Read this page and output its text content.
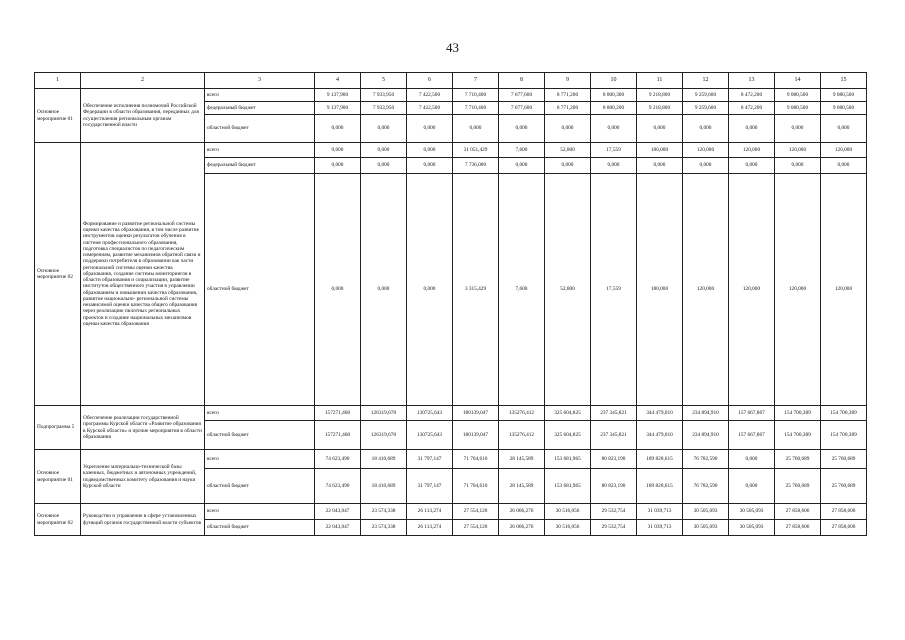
43
1	2	3	4	5	6	7	8	9	10	11	12	13	14	15
Основное мероприятие 01	Обеспечение исполнения полномочий Российской Федерации в области образования, переданных для осуществления региональным органам государственной власти	всего	9 137,900	7 933,950	7 422,500	7 710,400	7 677,600	8 771,200	8 800,300	9 218,800	9 259,600	8 472,200	9 080,500	9 080,500
		федеральный бюджет	9 137,900	7 933,950	7 422,500	7 710,400	7 677,600	8 771,200	8 800,200	9 218,800	9 259,600	8 472,200	9 080,500	9 080,500
		областной бюджет	0,000	0,000	0,000	0,000	0,000	0,000	0,000	0,000	0,000	0,000	0,000	0,000
Основное мероприятие 02	Формирование и развитие региональной системы оценки качества образования, в том числе развитие инструментов оценки результатов обучения в системе профессионального образования, подготовка специалистов по педагогическим измерениям, развитие механизмов обратной связи и поддержки потребителя в образовании как части региональной системы оценки качества образования, создание системы мониторингов в области образования и социализации, развитие институтов общественного участия в управлении образованием и повышении качества образования, развитие национально- региональной системы независимой оценки качества общего образования через реализацию пилотных региональных проектов и создание национальных механизмов оценки качества образования	всего	0,000	0,000	0,000	31 051,429	7,600	52,800	17,559	180,000	120,000	120,000	120,000	120,000
		федеральный бюджет	0,000	0,000	0,000	7 736,000	0,000	0,000	0,000	0,000	0,000	0,000	0,000	0,000
		областной бюджет	0,000	0,000	0,000	3 315,429	7,600	52,800	17,559	180,000	120,000	120,000	120,000	120,000
Подпрограмма 5	Обеспечение реализации государственной программы Курской области «Развитие образования в Курской области» и прочие мероприятия в области образования	всего	157271,468	126319,678	130725,643	180139,047	135276,412	325 604,825	237 345,821	344 479,010	234 894,910	157 667,867	154 700,389	154 700,389
		областной бюджет	157271,468	126319,678	130725,643	180139,047	135276,412	325 604,825	237 345,821	344 479,010	234 894,910	157 667,867	154 700,389	154 700,389
Основное мероприятие 01	Укрепление материально-технической базы казенных, бюджетных и автономных учреждений, подведомственных комитету образования и науки Курской области	всего	74 623,490	18 410,689	31 797,147	71 704,610	28 145,589	153 681,965	80 823,190	189 828,615	76 782,590	0,000	25 760,689	25 760,689
		областной бюджет	74 623,490	18 410,689	31 797,147	71 704,610	28 145,589	153 681,965	80 823,190	189 828,615	76 782,590	0,000	25 760,689	25 760,689
Основное мероприятие 02	Руководство и управление в сфере установленных функций органов государственной власти субъектов	всего	22 043,047	23 574,338	26 113,274	27 554,120	26 066,276	30 516,056	29 532,754	31 039,713	30 505,093	30 505,093	27 858,606	27 858,606
		областной бюджет	22 043,047	23 574,338	26 113,274	27 554,120	26 066,276	30 516,056	29 532,754	31 039,713	30 505,093	30 505,093	27 858,606	27 858,606
